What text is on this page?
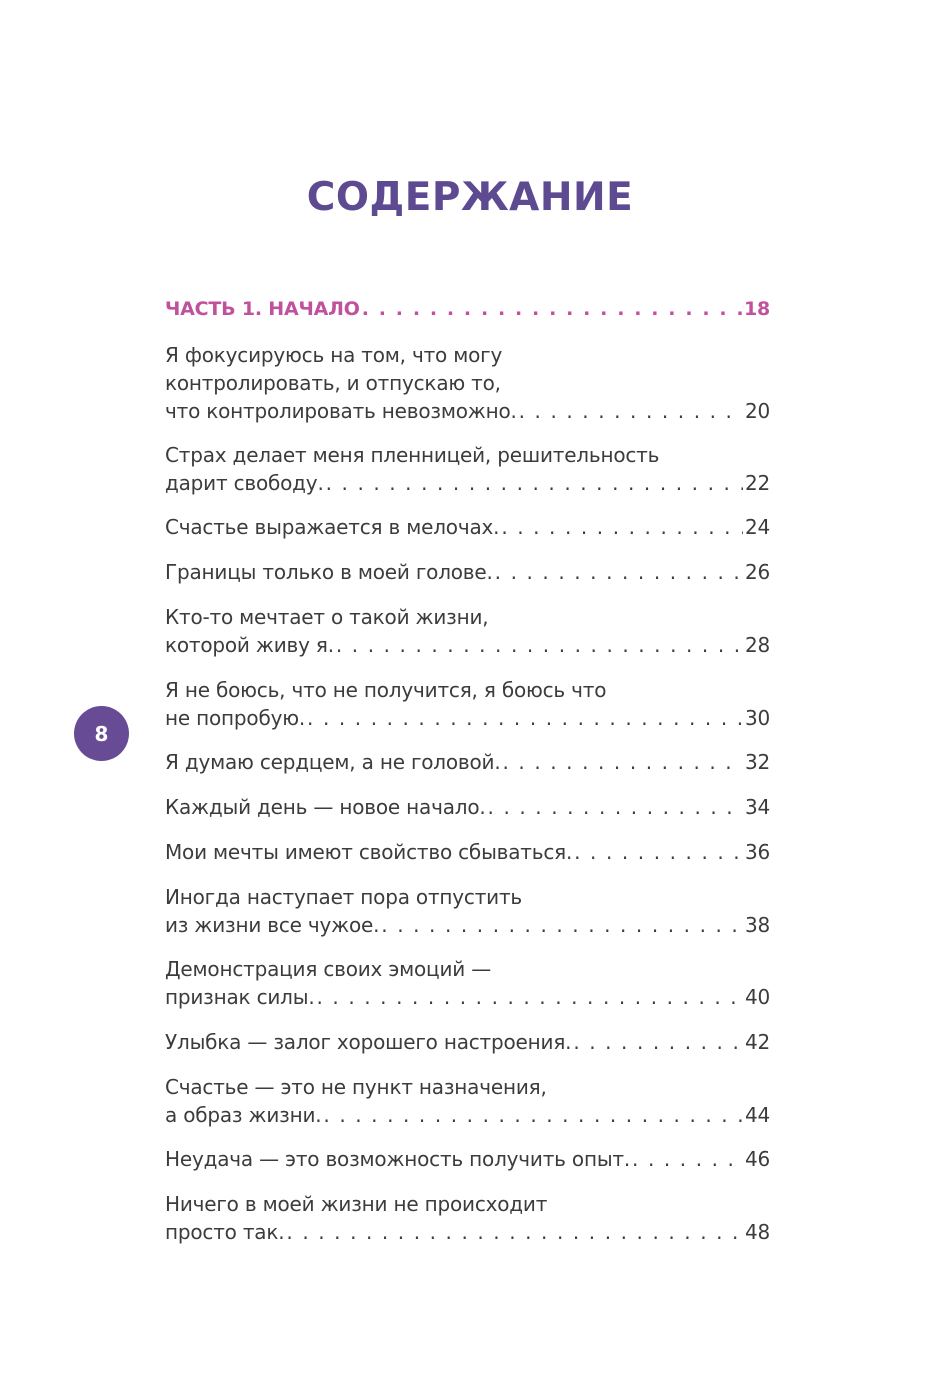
СОДЕРЖАНИЕ
ЧАСТЬ 1. НАЧАЛО . . .	18
Я фокусируюсь на том, что могу
контролировать, и отпускаю то,
что контролировать невозможно. . . .	20
Страх делает меня пленницей, решительность
дарит свободу. . . .	22
Счастье выражается в мелочах. . . .	24
Границы только в моей голове. . . .	26
Кто-то мечтает о такой жизни,
которой живу я. . . .	28
Я не боюсь, что не получится, я боюсь что
не попробую. . . .	30
Я думаю сердцем, а не головой. . . .	32
Каждый день — новое начало. . . .	34
Мои мечты имеют свойство сбываться. . . .	36
Иногда наступает пора отпустить
из жизни все чужое. . . .	38
Демонстрация своих эмоций —
признак силы. . . .	40
Улыбка — залог хорошего настроения. . . .	42
Счастье — это не пункт назначения,
а образ жизни. . . .	44
Неудача — это возможность получить опыт. . . .	46
Ничего в моей жизни не происходит
просто так. . . .	48
8
